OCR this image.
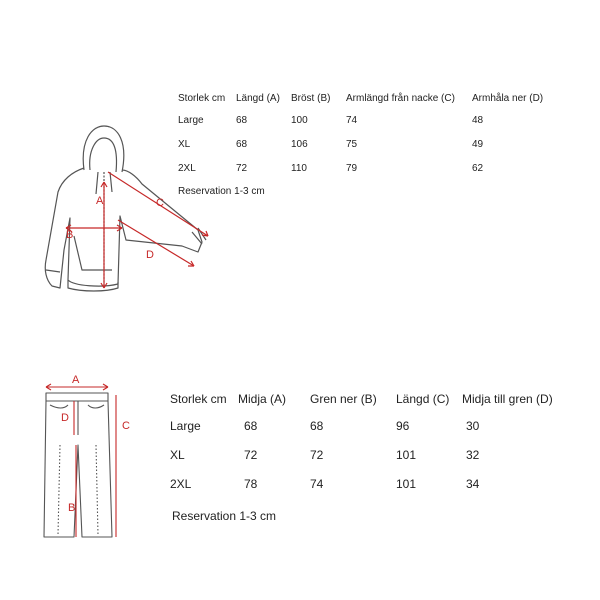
A
B
C
D
Storlek cm	Längd (A)	Bröst (B)	Armlängd från nacke (C)	Armhåla ner (D)
Large	68	100	74	48
XL	68	106	75	49
2XL	72	110	79	62
Reservation 1-3 cm
A
D
B
C
Storlek cm	Midja (A)	Gren ner (B)	Längd (C)	Midja till gren (D)
Large	68	68	96	30
XL	72	72	101	32
2XL	78	74	101	34
Reservation 1-3 cm
